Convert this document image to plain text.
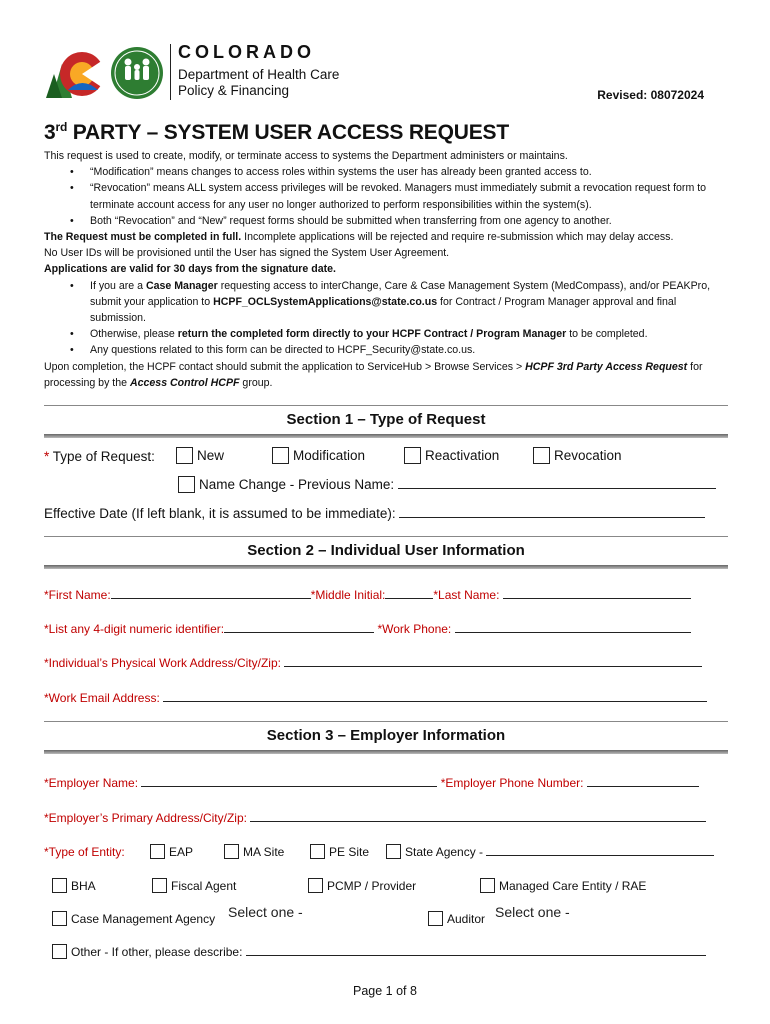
COLORADO
Department of Health Care
Policy & Financing	Revised: 08072024
3rd PARTY – SYSTEM USER ACCESS REQUEST
This request is used to create, modify, or terminate access to systems the Department administers or maintains.
• “Modification” means changes to access roles within systems the user has already been granted access to.
• “Revocation” means ALL system access privileges will be revoked. Managers must immediately submit a revocation request form to terminate account access for any user no longer authorized to perform responsibilities within the system(s).
• Both “Revocation” and “New” request forms should be submitted when transferring from one agency to another.
The Request must be completed in full. Incomplete applications will be rejected and require re-submission which may delay access.
No User IDs will be provisioned until the User has signed the System User Agreement.
Applications are valid for 30 days from the signature date.
• If you are a Case Manager requesting access to interChange, Care & Case Management System (MedCompass), and/or PEAKPro, submit your application to HCPF_OCLSystemApplications@state.co.us for Contract / Program Manager approval and final submission.
• Otherwise, please return the completed form directly to your HCPF Contract / Program Manager to be completed.
• Any questions related to this form can be directed to HCPF_Security@state.co.us.
Upon completion, the HCPF contact should submit the application to ServiceHub > Browse Services > HCPF 3rd Party Access Request for processing by the Access Control HCPF group.
Section 1 – Type of Request
* Type of Request:	New	Modification	Reactivation	Revocation
Name Change - Previous Name:
Effective Date (If left blank, it is assumed to be immediate):
Section 2 – Individual User Information
*First Name:	*Middle Initial:	*Last Name:
*List any 4-digit numeric identifier:	*Work Phone:
*Individual’s Physical Work Address/City/Zip:
*Work Email Address:
Section 3 – Employer Information
*Employer Name:	*Employer Phone Number:
*Employer’s Primary Address/City/Zip:
*Type of Entity:	EAP	MA Site	PE Site	State Agency -
BHA	Fiscal Agent	PCMP / Provider	Managed Care Entity / RAE
Case Management Agency Select one -	Auditor Select one -
Other - If other, please describe:
Page 1 of 8
